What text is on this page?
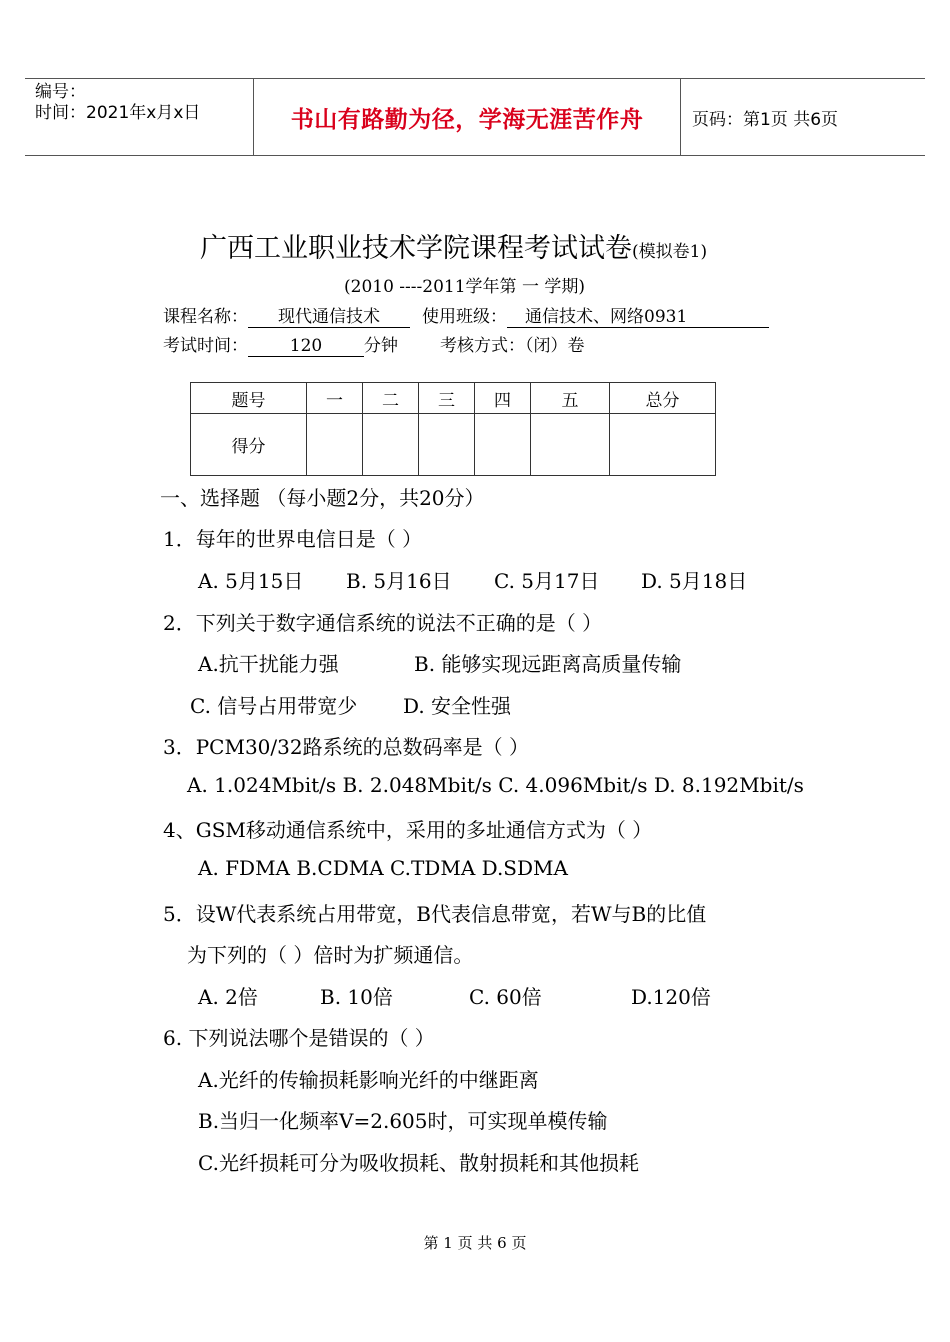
编号：
时间：2021年x月x日	书山有路勤为径，学海无涯苦作舟	页码：第1页 共6页
广西工业职业技术学院课程考试试卷(模拟卷1)
(2010 ----2011学年第 一 学期)
课程名称： 现代通信技术 使用班级： 通信技术、网络0931
考试时间： 120 分钟 考核方式：（闭）卷
题号	一	二	三	四	五	总分
得分						
一、选择题 （每小题2分，共20分）
1．每年的世界电信日是（ ）
A. 5月15日 B. 5月16日 C. 5月17日 D. 5月18日
2．下列关于数字通信系统的说法不正确的是（ ）
A.抗干扰能力强	B. 能够实现远距离高质量传输
C. 信号占用带宽少 D. 安全性强
3．PCM30/32路系统的总数码率是（ ）
A. 1.024Mbit/s B. 2.048Mbit/s C. 4.096Mbit/s D. 8.192Mbit/s
4、GSM移动通信系统中，采用的多址通信方式为（ ）
A. FDMA B.CDMA C.TDMA D.SDMA
5．设W代表系统占用带宽，B代表信息带宽，若W与B的比值
为下列的（ ）倍时为扩频通信。
A. 2倍	B. 10倍	C. 60倍	D.120倍
6. 下列说法哪个是错误的（ ）
A.光纤的传输损耗影响光纤的中继距离
B.当归一化频率V=2.605时，可实现单模传输
C.光纤损耗可分为吸收损耗、散射损耗和其他损耗
第 1 页 共 6 页
